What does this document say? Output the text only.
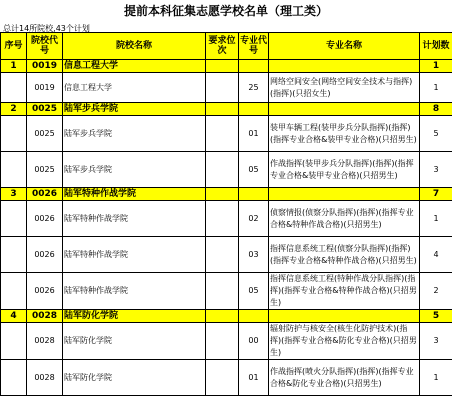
提前本科征集志愿学校名单（理工类）
总计14所院校,43个计划
序号	院校代号	院校名称	要求位次	专业代号	专业名称	计划数
1	0019	信息工程大学				1
	0019	信息工程大学		25	网络空间安全(网络空间安全技术与指挥)(指挥)(只招女生)	1
2	0025	陆军步兵学院				8
	0025	陆军步兵学院		01	装甲车辆工程(装甲步兵分队指挥)(指挥)(指挥专业合格&装甲专业合格)(只招男生)	5
	0025	陆军步兵学院		05	作战指挥(装甲步兵分队指挥)(指挥)(指挥专业合格&装甲专业合格)(只招男生)	3
3	0026	陆军特种作战学院				7
	0026	陆军特种作战学院		02	侦察情报(侦察分队指挥)(指挥)(指挥专业合格&特种作战合格)(只招男生)	1
	0026	陆军特种作战学院		03	指挥信息系统工程(侦察分队指挥)(指挥)(指挥专业合格&特种作战合格)(只招男生)	4
	0026	陆军特种作战学院		05	指挥信息系统工程(特种作战分队指挥)(指挥)(指挥专业合格&特种作战合格)(只招男生)	2
4	0028	陆军防化学院				5
	0028	陆军防化学院		00	辐射防护与核安全(核生化防护技术)(指挥)(指挥专业合格&防化专业合格)(只招男生)	3
	0028	陆军防化学院		01	作战指挥(喷火分队指挥)(指挥)(指挥专业合格&防化专业合格)(只招男生)	1
